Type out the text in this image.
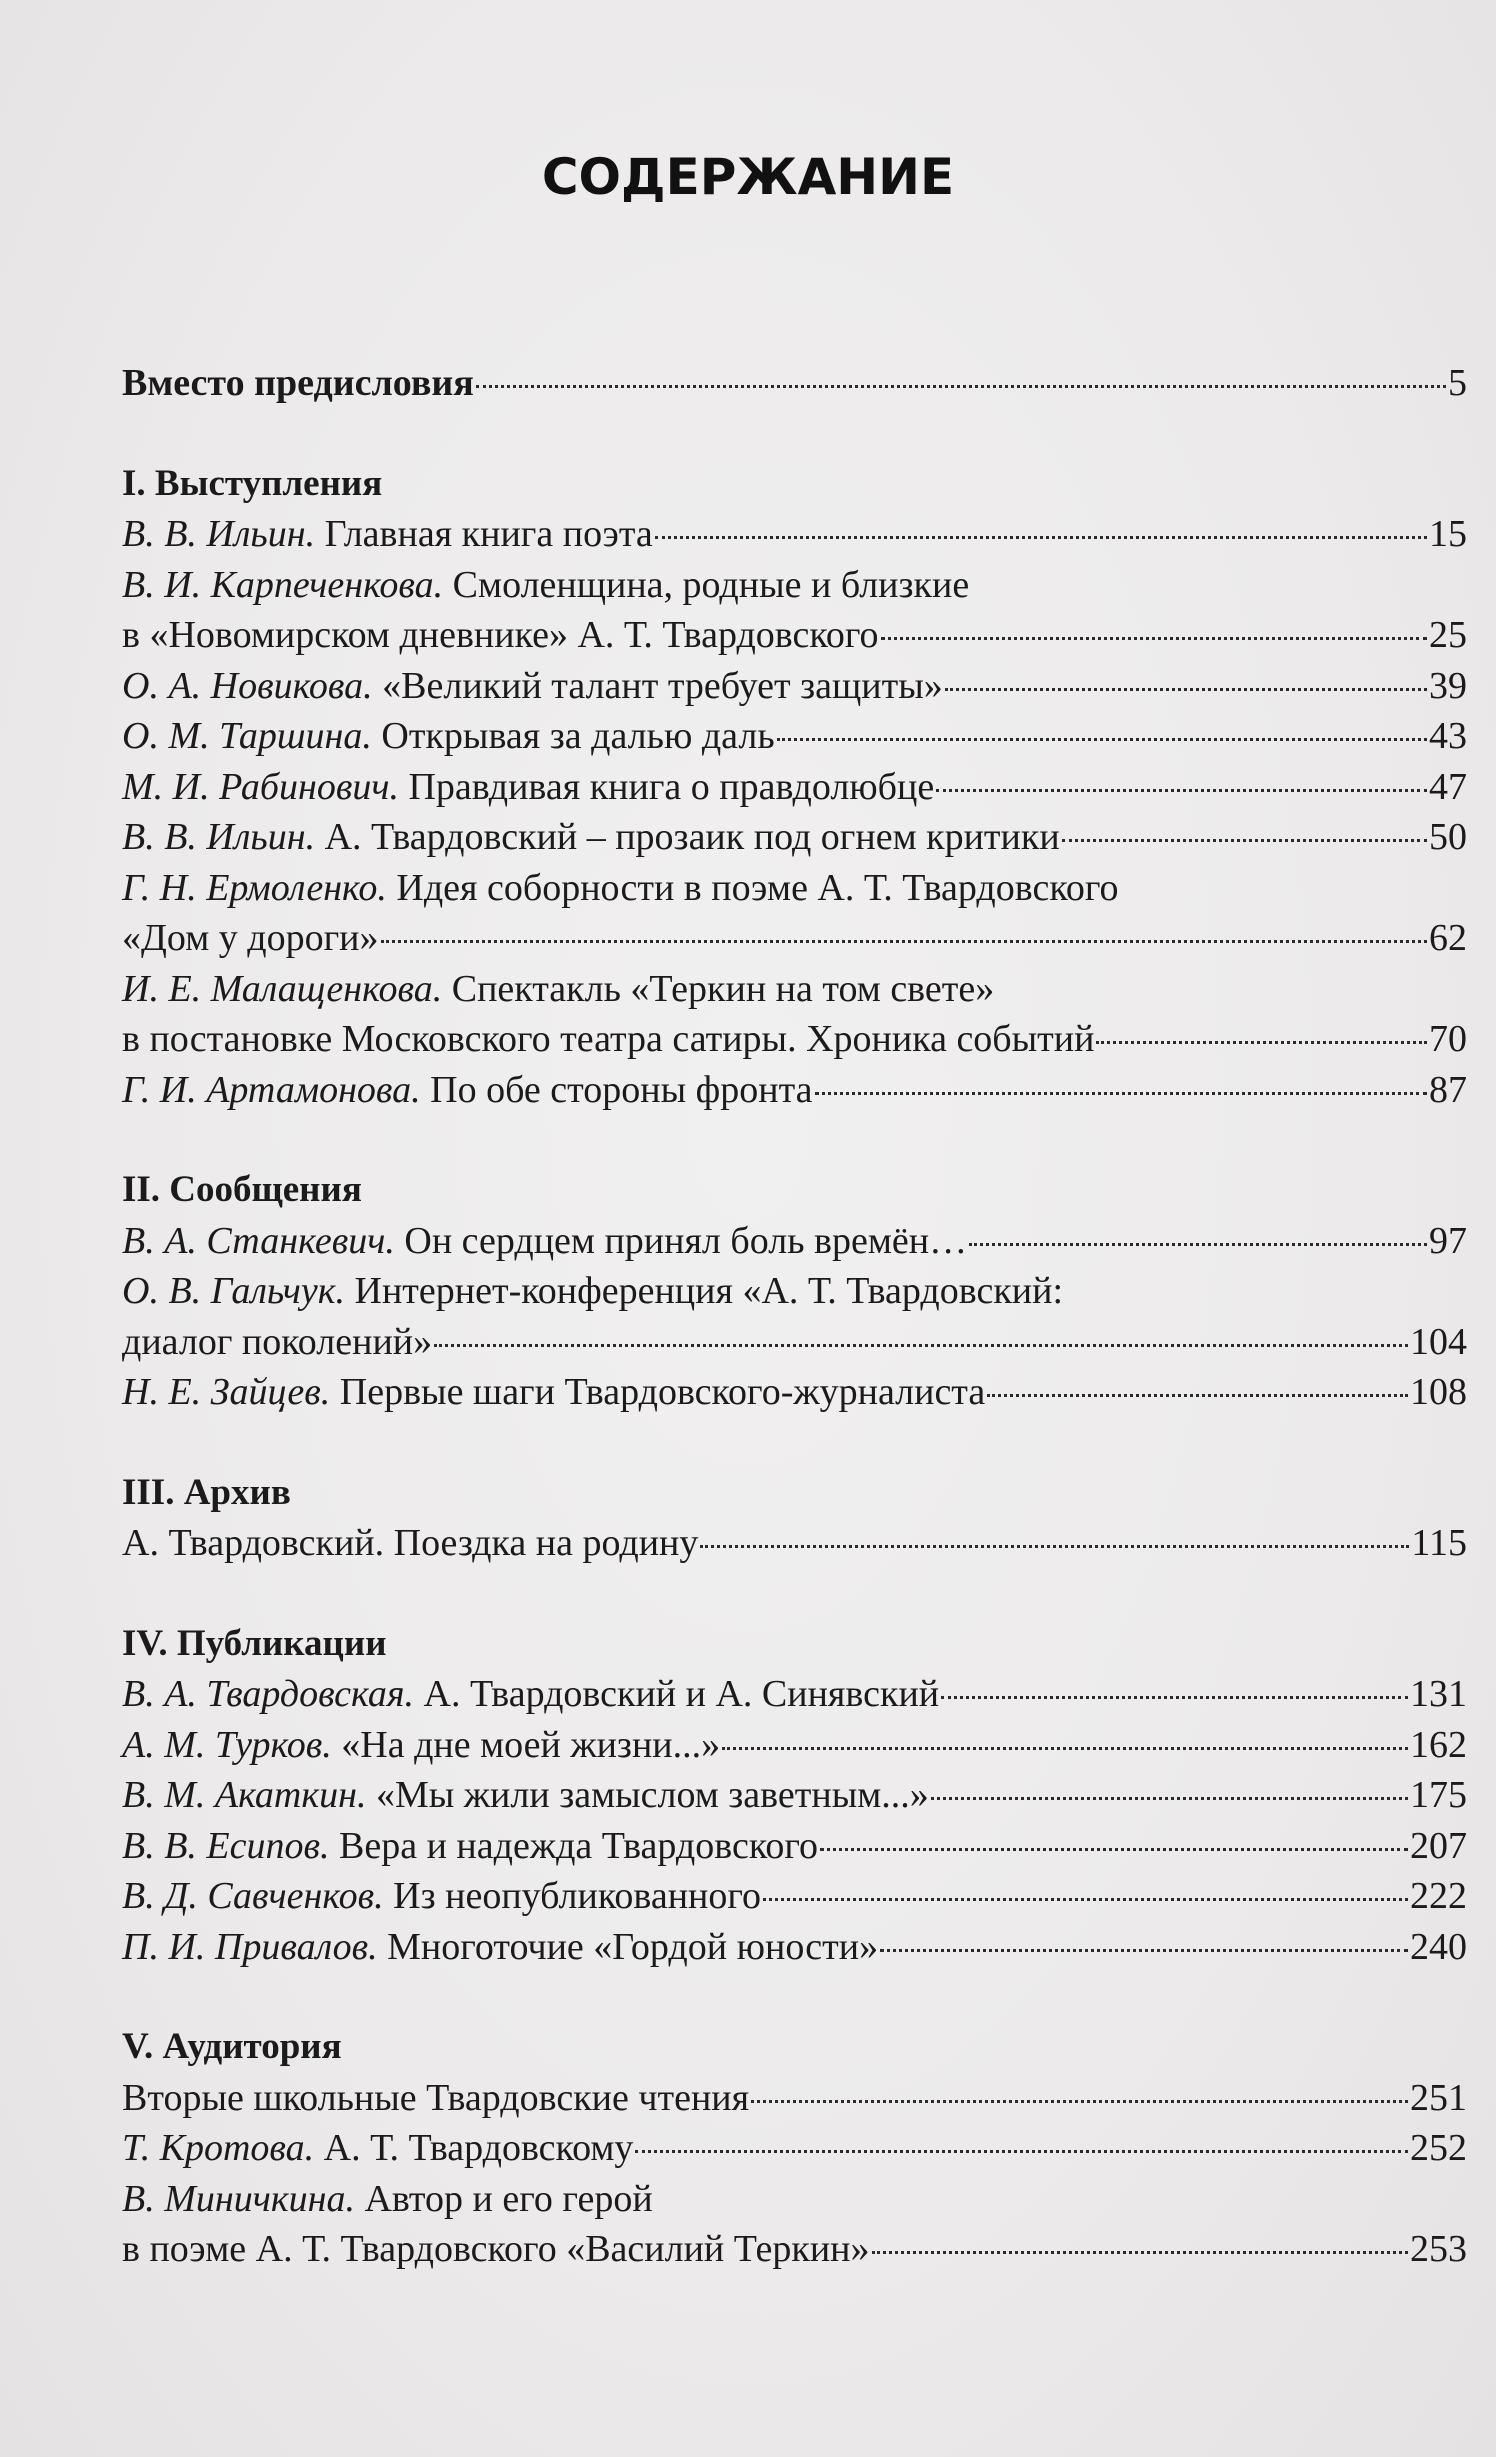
СОДЕРЖАНИЕ
Вместо предисловия	5
I. Выступления
В. В. Ильин. Главная книга поэта	15
В. И. Карпеченкова. Смоленщина, родные и близкие
в «Новомирском дневнике» А. Т. Твардовского	25
О. А. Новикова. «Великий талант требует защиты»	39
О. М. Таршина. Открывая за далью даль	43
М. И. Рабинович. Правдивая книга о правдолюбце	47
В. В. Ильин. А. Твардовский – прозаик под огнем критики	50
Г. Н. Ермоленко. Идея соборности в поэме А. Т. Твардовского
«Дом у дороги»	62
И. Е. Малащенкова. Спектакль «Теркин на том свете»
в постановке Московского театра сатиры. Хроника событий	70
Г. И. Артамонова. По обе стороны фронта	87
II. Сообщения
В. А. Станкевич. Он сердцем принял боль времён…	97
О. В. Гальчук. Интернет-конференция «А. Т. Твардовский:
диалог поколений»	104
Н. Е. Зайцев. Первые шаги Твардовского-журналиста	108
III. Архив
А. Твардовский. Поездка на родину	115
IV. Публикации
В. А. Твардовская. А. Твардовский и А. Синявский	131
А. М. Турков. «На дне моей жизни...»	162
В. М. Акаткин. «Мы жили замыслом заветным...»	175
В. В. Есипов. Вера и надежда Твардовского	207
В. Д. Савченков. Из неопубликованного	222
П. И. Привалов. Многоточие «Гордой юности»	240
V. Аудитория
Вторые школьные Твардовские чтения	251
Т. Кротова. А. Т. Твардовскому	252
В. Миничкина. Автор и его герой
в поэме А. Т. Твардовского «Василий Теркин»	253
